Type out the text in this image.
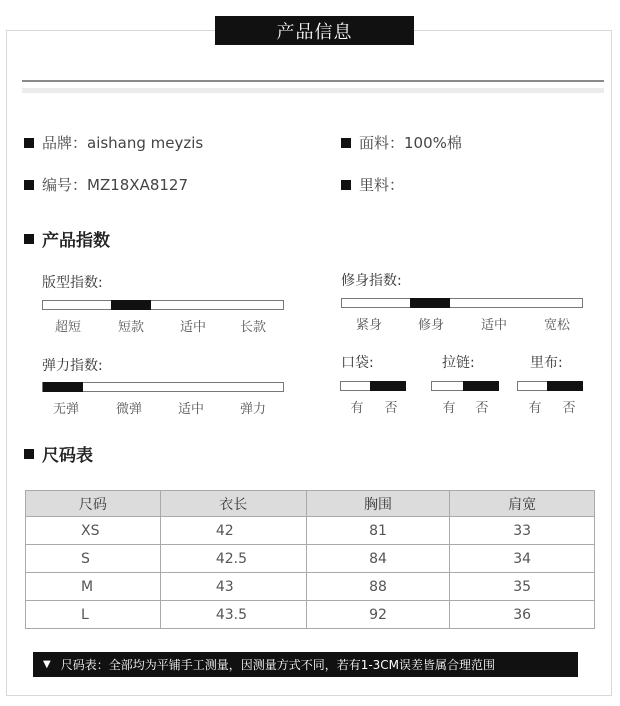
产品信息
品牌：aishang meyzis	面料：100%棉
编号：MZ18XA8127	里料：
产品指数
版型指数:
超短	短款	适中	长款
修身指数:
紧身	修身	适中	宽松
弹力指数:
无弹	微弹	适中	弹力
口袋:
有 否
拉链:
有 否
里布:
有 否
尺码表
尺码	衣长	胸围	肩宽
XS	42	81	33
S	42.5	84	34
M	43	88	35
L	43.5	92	36
▼ 尺码表：全部均为平铺手工测量，因测量方式不同，若有1-3CM误差皆属合理范围
